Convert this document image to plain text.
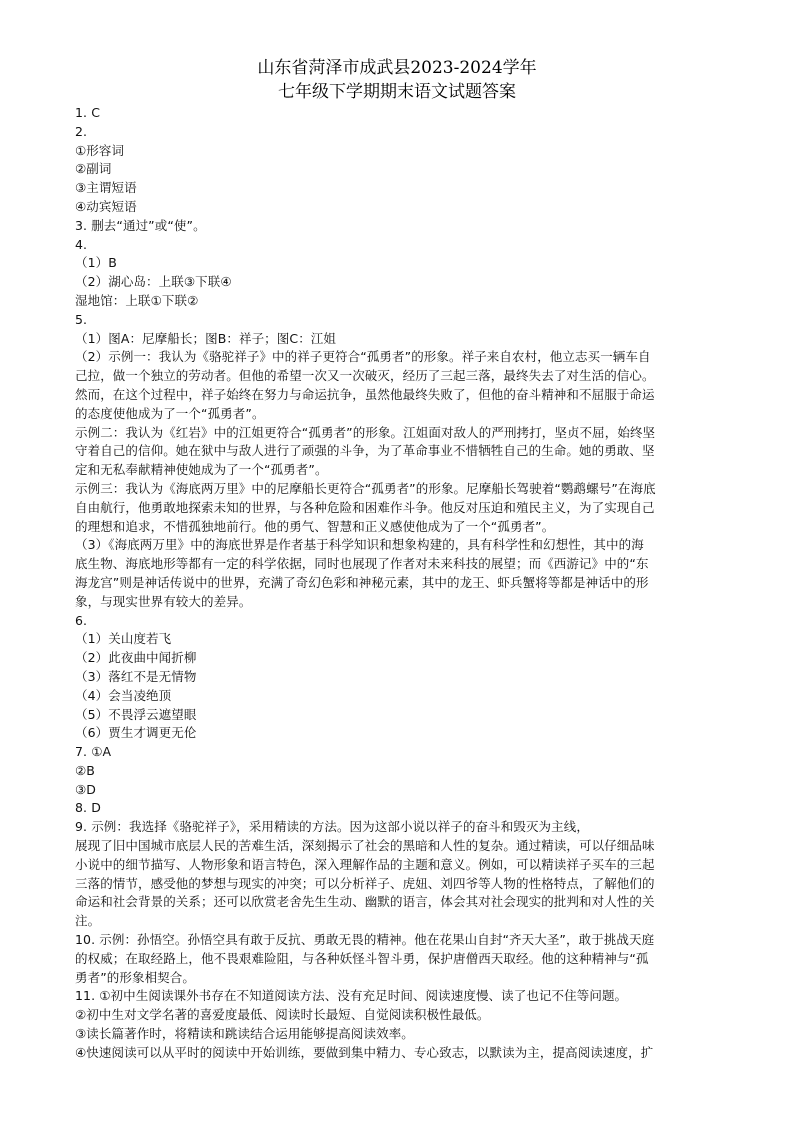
山东省菏泽市成武县2023-2024学年
七年级下学期期末语文试题答案
1. C
2.
①形容词
②副词
③主谓短语
④动宾短语
3. 删去“通过”或“使”。
4.
（1）B
（2）湖心岛：上联③下联④
湿地馆：上联①下联②
5.
（1）图A：尼摩船长；图B：祥子；图C：江姐
（2）示例一：我认为《骆驼祥子》中的祥子更符合“孤勇者”的形象。祥子来自农村，他立志买一辆车自
己拉，做一个独立的劳动者。但他的希望一次又一次破灭，经历了三起三落，最终失去了对生活的信心。
然而，在这个过程中，祥子始终在努力与命运抗争，虽然他最终失败了，但他的奋斗精神和不屈服于命运
的态度使他成为了一个“孤勇者”。
示例二：我认为《红岩》中的江姐更符合“孤勇者”的形象。江姐面对敌人的严刑拷打，坚贞不屈，始终坚
守着自己的信仰。她在狱中与敌人进行了顽强的斗争，为了革命事业不惜牺牲自己的生命。她的勇敢、坚
定和无私奉献精神使她成为了一个“孤勇者”。
示例三：我认为《海底两万里》中的尼摩船长更符合“孤勇者”的形象。尼摩船长驾驶着“鹦鹉螺号”在海底
自由航行，他勇敢地探索未知的世界，与各种危险和困难作斗争。他反对压迫和殖民主义，为了实现自己
的理想和追求，不惜孤独地前行。他的勇气、智慧和正义感使他成为了一个“孤勇者”。
（3）《海底两万里》中的海底世界是作者基于科学知识和想象构建的，具有科学性和幻想性，其中的海
底生物、海底地形等都有一定的科学依据，同时也展现了作者对未来科技的展望；而《西游记》中的“东
海龙宫”则是神话传说中的世界，充满了奇幻色彩和神秘元素，其中的龙王、虾兵蟹将等都是神话中的形
象，与现实世界有较大的差异。
6.
（1）关山度若飞
（2）此夜曲中闻折柳
（3）落红不是无情物
（4）会当凌绝顶
（5）不畏浮云遮望眼
（6）贾生才调更无伦
7. ①A
②B
③D
8. D
9. 示例：我选择《骆驼祥子》，采用精读的方法。因为这部小说以祥子的奋斗和毁灭为主线，
展现了旧中国城市底层人民的苦难生活，深刻揭示了社会的黑暗和人性的复杂。通过精读，可以仔细品味
小说中的细节描写、人物形象和语言特色，深入理解作品的主题和意义。例如，可以精读祥子买车的三起
三落的情节，感受他的梦想与现实的冲突；可以分析祥子、虎妞、刘四爷等人物的性格特点，了解他们的
命运和社会背景的关系；还可以欣赏老舍先生生动、幽默的语言，体会其对社会现实的批判和对人性的关
注。
10. 示例：孙悟空。孙悟空具有敢于反抗、勇敢无畏的精神。他在花果山自封“齐天大圣”，敢于挑战天庭
的权威；在取经路上，他不畏艰难险阻，与各种妖怪斗智斗勇，保护唐僧西天取经。他的这种精神与“孤
勇者”的形象相契合。
11. ①初中生阅读课外书存在不知道阅读方法、没有充足时间、阅读速度慢、读了也记不住等问题。
②初中生对文学名著的喜爱度最低、阅读时长最短、自觉阅读积极性最低。
③读长篇著作时，将精读和跳读结合运用能够提高阅读效率。
④快速阅读可以从平时的阅读中开始训练，要做到集中精力、专心致志，以默读为主，提高阅读速度，扩
